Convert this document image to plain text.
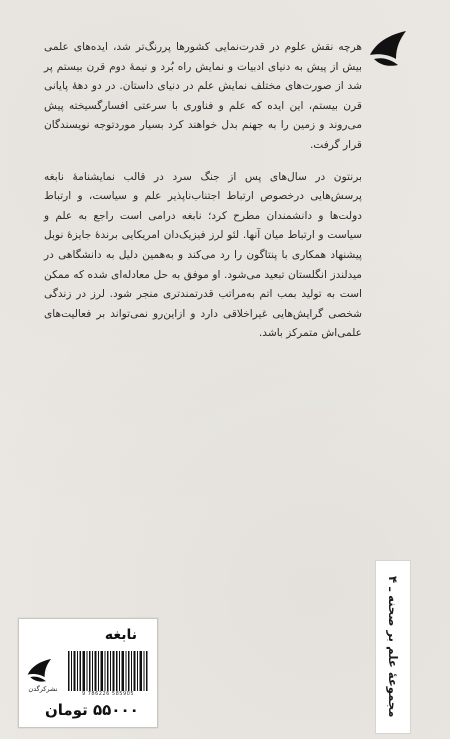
هرچه نقش علوم در قدرت‌نمایی کشورها پررنگ‌تر شد، ایده‌های علمی بیش از پیش به دنیای ادبیات و نمایش راه بُرد و نیمهٔ دوم قرن بیستم پر شد از صورت‌های مختلف نمایش علم در دنیای داستان. در دو دههٔ پایانی قرن بیستم، این ایده که علم و فناوری با سرعتی افسارگسیخته پیش می‌روند و زمین را به جهنم بدل خواهند کرد بسیار موردتوجه نویسندگان قرار گرفت.

برنتون در سال‌های پس از جنگ سرد در قالب نمایشنامهٔ نابغه پرسش‌هایی درخصوص ارتباط اجتناب‌ناپذیر علم و سیاست، و ارتباط دولت‌ها و دانشمندان مطرح کرد؛ نابغه درامی است راجع به علم و سیاست و ارتباط میان آنها. لئو لرز فیزیک‌دان امریکایی برندهٔ جایزهٔ نوبل پیشنهاد همکاری با پنتاگون را رد می‌کند و به‌همین دلیل به دانشگاهی در میدلندز انگلستان تبعید می‌شود. او موفق به حل معادله‌ای شده که ممکن است به تولید بمب اتم به‌مراتب قدرتمندتری منجر شود. لرز در زندگی شخصی گرایش‌هایی غیراخلاقی دارد و ازاین‌رو نمی‌تواند بر فعالیت‌های علمی‌اش متمرکز باشد.

مجموعهٔ علم بر صحنه ـ ۴
نابغه
9 786226 585905
نشرکرگدن
۵۵۰۰۰ تومان
